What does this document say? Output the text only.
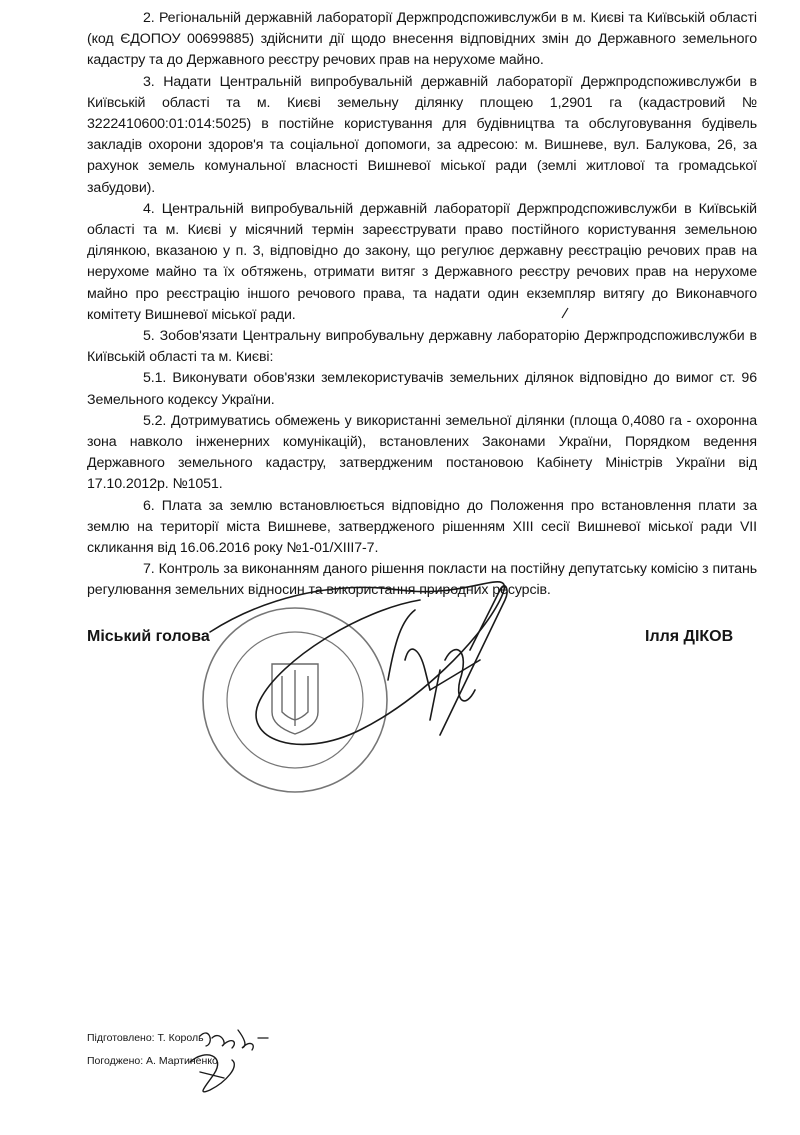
2. Регіональній державній лабораторії Держпродспоживслужби в м. Києві та Київській області (код ЄДОПОУ 00699885) здійснити дії щодо внесення відповідних змін до Державного земельного кадастру та до Державного реєстру речових прав на нерухоме майно.

3. Надати Центральній випробувальній державній лабораторії Держпродспоживслужби в Київській області та м. Києві земельну ділянку площею 1,2901 га (кадастровий № 3222410600:01:014:5025) в постійне користування для будівництва та обслуговування будівель закладів охорони здоров'я та соціальної допомоги, за адресою: м. Вишневе, вул. Балукова, 26, за рахунок земель комунальної власності Вишневої міської ради (землі житлової та громадської забудови).

4. Центральній випробувальній державній лабораторії Держпродспоживслужби в Київській області та м. Києві у місячний термін зареєструвати право постійного користування земельною ділянкою, вказаною у п. 3, відповідно до закону, що регулює державну реєстрацію речових прав на нерухоме майно та їх обтяжень, отримати витяг з Державного реєстру речових прав на нерухоме майно про реєстрацію іншого речового права, та надати один екземпляр витягу до Виконавчого комітету Вишневої міської ради.

5. Зобов'язати Центральну випробувальну державну лабораторію Держпродспоживслужби в Київській області та м. Києві:

5.1. Виконувати обов'язки землекористувачів земельних ділянок відповідно до вимог ст. 96 Земельного кодексу України.

5.2. Дотримуватись обмежень у використанні земельної ділянки (площа 0,4080 га - охоронна зона навколо інженерних комунікацій), встановлених Законами України, Порядком ведення Державного земельного кадастру, затвердженим постановою Кабінету Міністрів України від 17.10.2012р. №1051.

6. Плата за землю встановлюється відповідно до Положення про встановлення плати за землю на території міста Вишневе, затвердженого рішенням XIII сесії Вишневої міської ради VII скликання від 16.06.2016 року №1-01/XIII7-7.

7. Контроль за виконанням даного рішення покласти на постійну депутатську комісію з питань регулювання земельних відносин та використання природних ресурсів.

Міський голова	Ілля ДІКОВ
Підготовлено: Т. Король
Погоджено: А. Мартиненко
